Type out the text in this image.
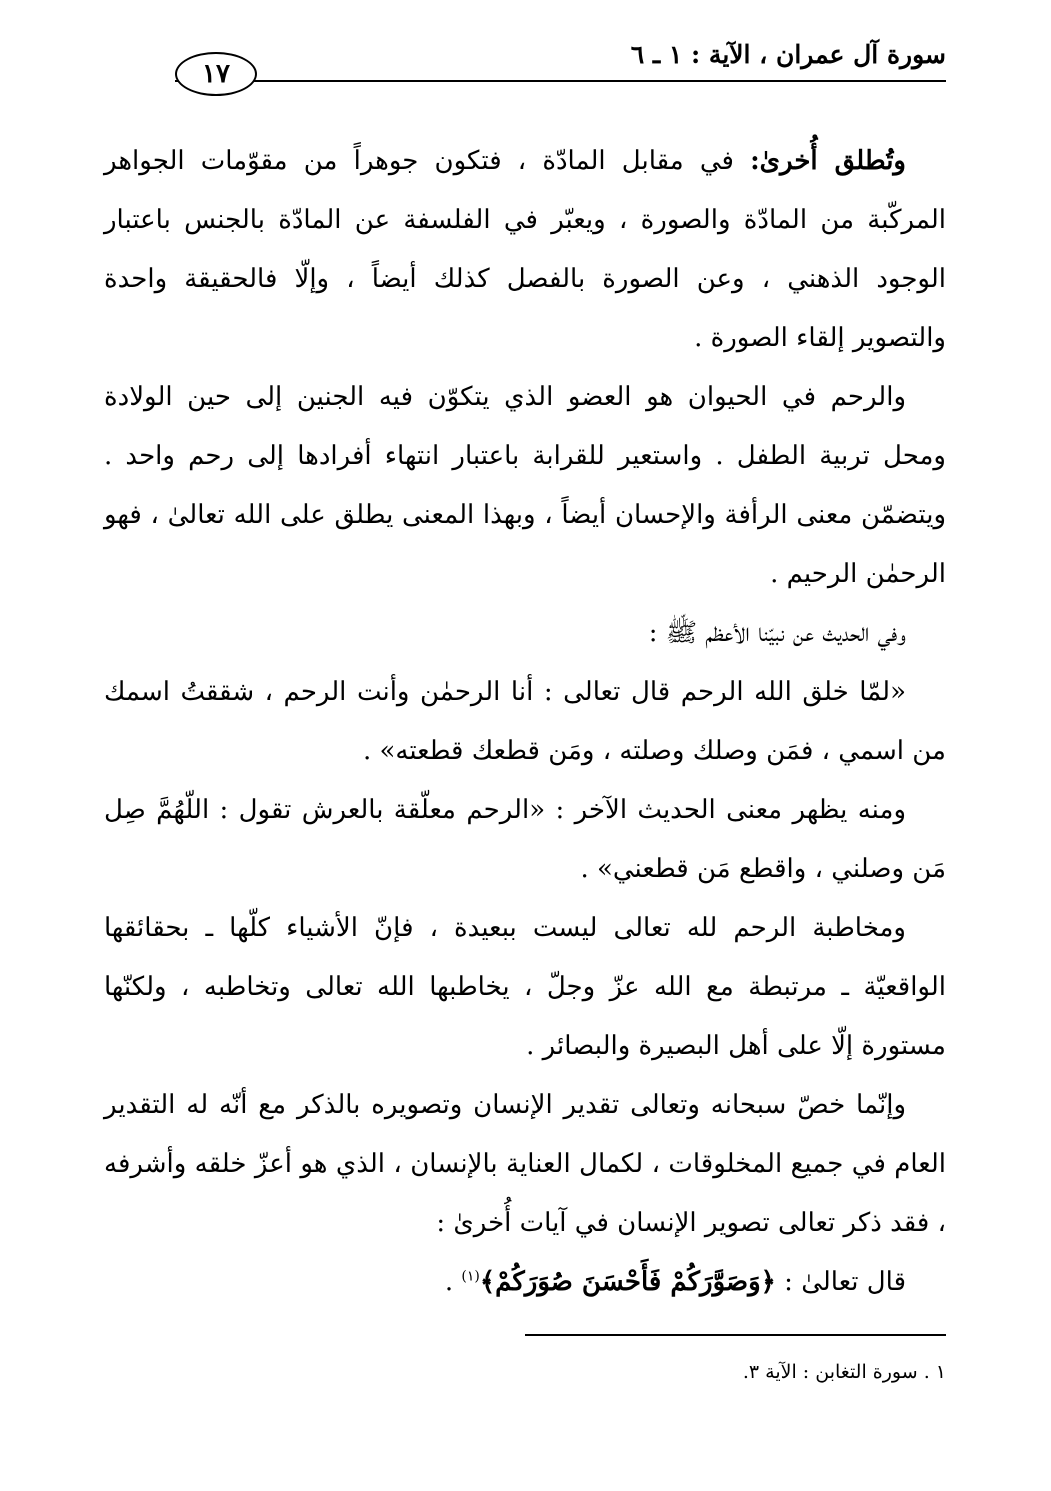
سورة آل عمران ، الآية : ١ ـ ٦
١٧

وتُطلق أُخرىٰ: في مقابل المادّة ، فتكون جوهراً من مقوّمات الجواهر المركّبة من المادّة والصورة ، ويعبّر في الفلسفة عن المادّة بالجنس باعتبار الوجود الذهني ، وعن الصورة بالفصل كذلك أيضاً ، وإلّا فالحقيقة واحدة والتصوير إلقاء الصورة .

والرحم في الحيوان هو العضو الذي يتكوّن فيه الجنين إلى حين الولادة ومحل تربية الطفل . واستعير للقرابة باعتبار انتهاء أفرادها إلى رحم واحد . ويتضمّن معنى الرأفة والإحسان أيضاً ، وبهذا المعنى يطلق على الله تعالىٰ ، فهو الرحمٰن الرحيم .

وفي الحديث عن نبيّنا الأعظم ﷺ :

«لمّا خلق الله الرحم قال تعالى : أنا الرحمٰن وأنت الرحم ، شققتُ اسمك من اسمي ، فمَن وصلك وصلته ، ومَن قطعك قطعته» .

ومنه يظهر معنى الحديث الآخر : «الرحم معلّقة بالعرش تقول : اللّهُمَّ صِل مَن وصلني ، واقطع مَن قطعني» .

ومخاطبة الرحم لله تعالى ليست ببعيدة ، فإنّ الأشياء كلّها ـ بحقائقها الواقعيّة ـ مرتبطة مع الله عزّ وجلّ ، يخاطبها الله تعالى وتخاطبه ، ولكنّها مستورة إلّا على أهل البصيرة والبصائر .

وإنّما خصّ سبحانه وتعالى تقدير الإنسان وتصويره بالذكر مع أنّه له التقدير العام في جميع المخلوقات ، لكمال العناية بالإنسان ، الذي هو أعزّ خلقه وأشرفه ، فقد ذكر تعالى تصوير الإنسان في آيات أُخرىٰ :

قال تعالىٰ : ﴿وَصَوَّرَكُمْ فَأَحْسَنَ صُوَرَكُمْ﴾$^{(١)}$ .

١ . سورة التغابن : الآية ٣.
